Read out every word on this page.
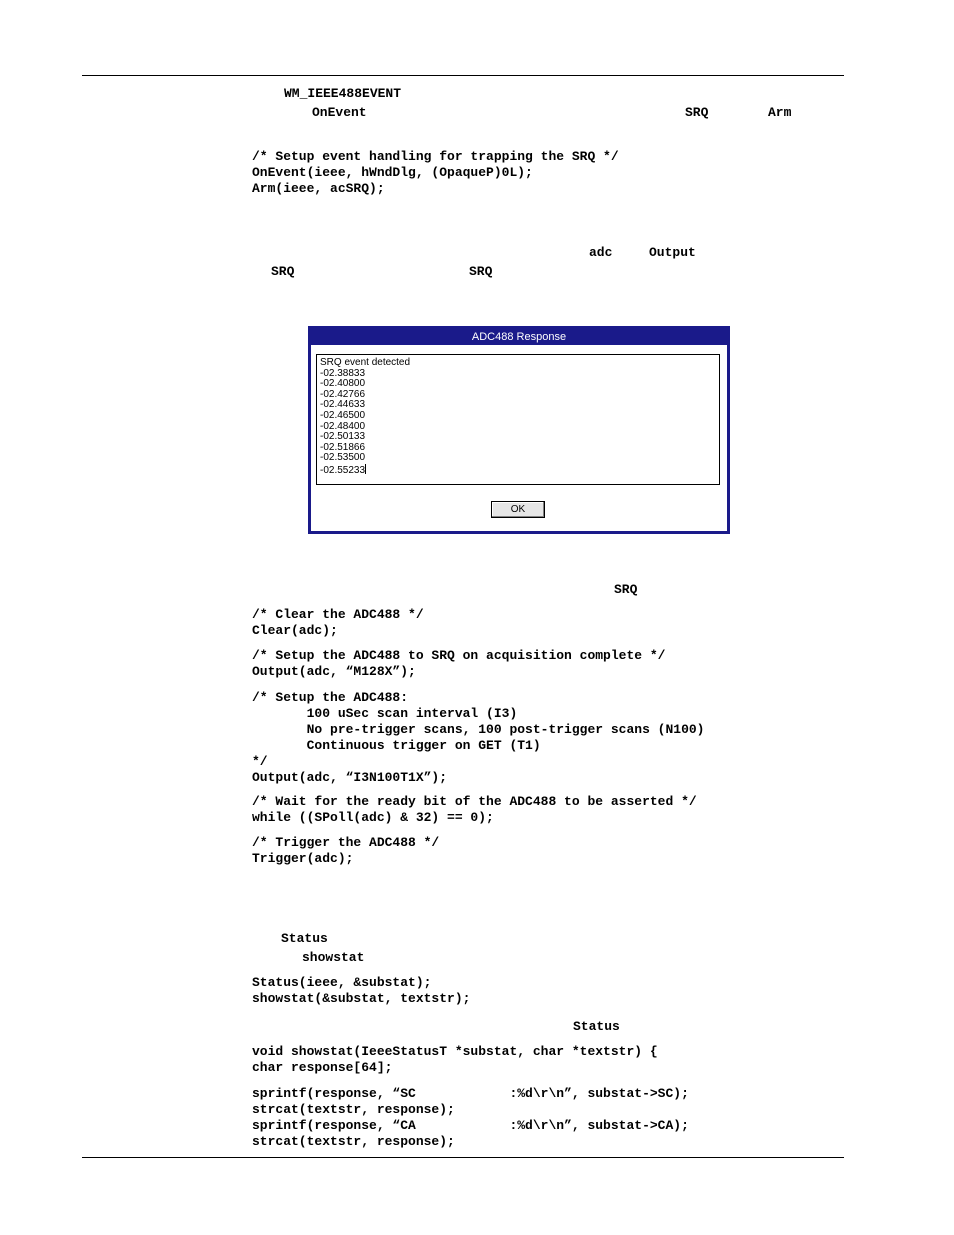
WM_IEEE488EVENT
OnEvent	SRQ	Arm
/* Setup event handling for trapping the SRQ */
OnEvent(ieee, hWndDlg, (OpaqueP)0L);
Arm(ieee, acSRQ);
adc	Output
SRQ	SRQ
ADC488 Response
SRQ event detected
-02.38833
-02.40800
-02.42766
-02.44633
-02.46500
-02.48400
-02.50133
-02.51866
-02.53500
-02.55233
OK
SRQ
/* Clear the ADC488 */
Clear(adc);
/* Setup the ADC488 to SRQ on acquisition complete */
Output(adc, “M128X”);
/* Setup the ADC488:
100 uSec scan interval (I3)
No pre-trigger scans, 100 post-trigger scans (N100)
Continuous trigger on GET (T1)
*/
Output(adc, “I3N100T1X”);
/* Wait for the ready bit of the ADC488 to be asserted */
while ((SPoll(adc) & 32) == 0);
/* Trigger the ADC488 */
Trigger(adc);
Status
showstat
Status(ieee, &substat);
showstat(&substat, textstr);
Status
void showstat(IeeeStatusT *substat, char *textstr) {
char response[64];
sprintf(response, “SC            :%d\r\n”, substat->SC);
strcat(textstr, response);
sprintf(response, “CA            :%d\r\n”, substat->CA);
strcat(textstr, response);
